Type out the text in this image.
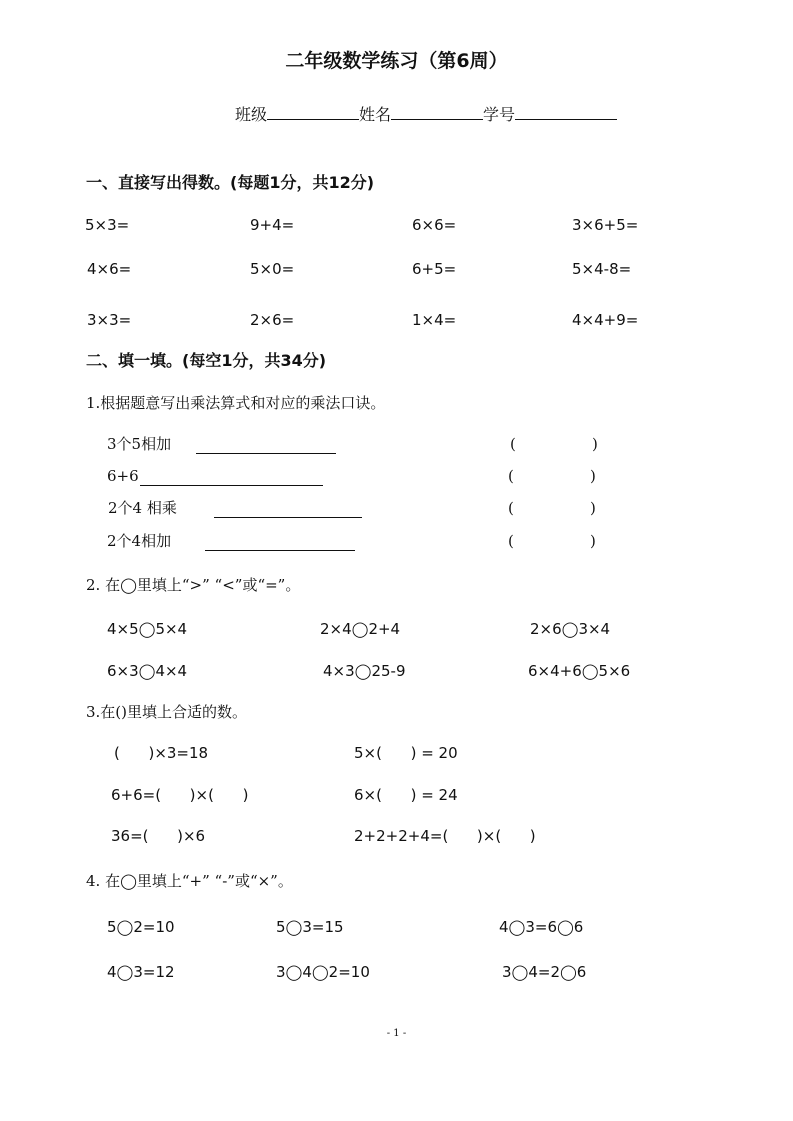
二年级数学练习（第6周）
班级	姓名	学号
一、直接写出得数。(每题1分，共12分)
5×3=	9+4=	6×6=	3×6+5=
4×6=	5×0=	6+5=	5×4-8=
3×3=	2×6=	1×4=	4×4+9=
二、填一填。(每空1分，共34分)
1.根据题意写出乘法算式和对应的乘法口诀。
3个5相加	(	)
6+6	(	)
2个4 相乘	(	)
2个4相加	(	)
2. 在◯里填上“>” “<”或“=”。
4×5◯5×4	2×4◯2+4	2×6◯3×4
6×3◯4×4	4×3◯25-9	6×4+6◯5×6
3.在()里填上合适的数。
(      )×3=18	5×(      ) = 20
6+6=(      )×(      )	6×(      ) = 24
36=(      )×6	2+2+2+4=(      )×(      )
4. 在◯里填上“+” “-”或“×”。
5◯2=10	5◯3=15	4◯3=6◯6
4◯3=12	3◯4◯2=10	3◯4=2◯6
- 1 -
